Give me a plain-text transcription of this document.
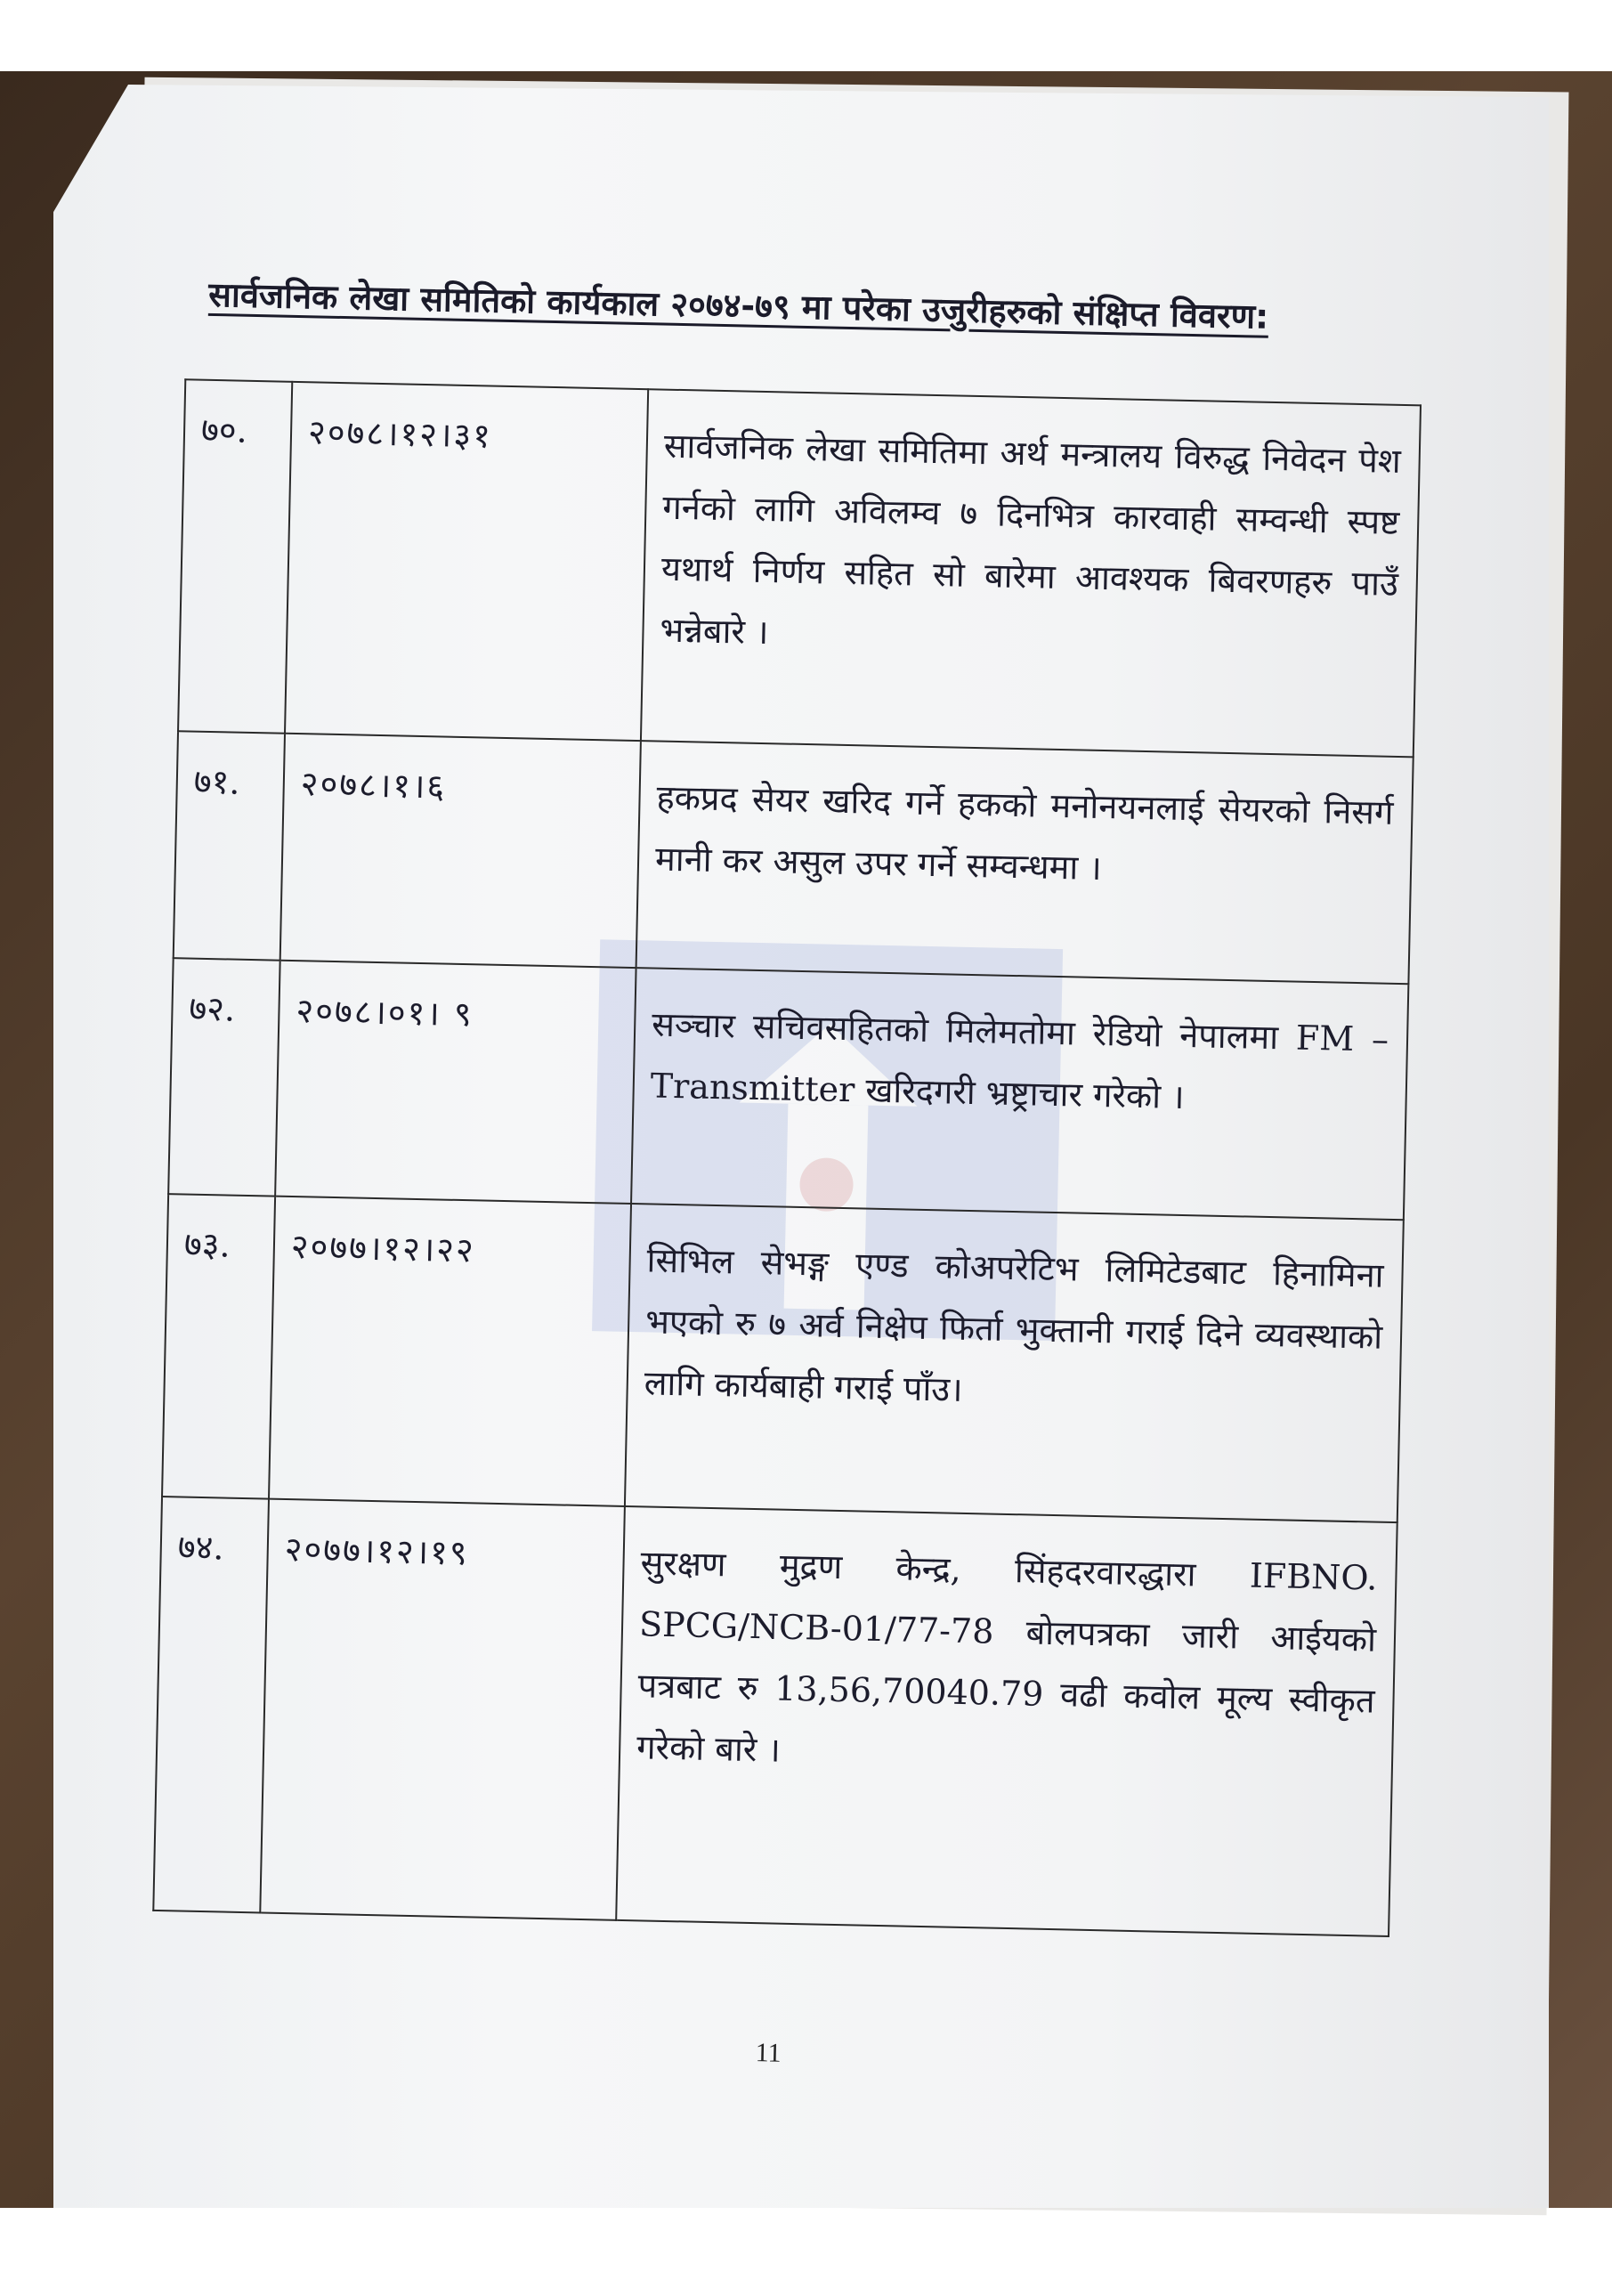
सार्वजनिक लेखा समितिको कार्यकाल २०७४-७९ मा परेका उजुरीहरुको संक्षिप्त विवरण:

७०.	२०७८।१२।३१	सार्वजनिक लेखा समितिमा अर्थ मन्त्रालय विरुद्ध निवेदन पेश गर्नको लागि अविलम्व ७ दिनभित्र कारवाही सम्वन्धी स्पष्ट यथार्थ निर्णय सहित सो बारेमा आवश्यक बिवरणहरु पाउँ भन्नेबारे ।
७१.	२०७८।१।६	हकप्रद सेयर खरिद गर्ने हकको मनोनयनलाई सेयरको निसर्ग मानी कर असुल उपर गर्ने सम्वन्धमा ।
७२.	२०७८।०१। ९	सञ्चार सचिवसहितको मिलेमतोमा रेडियो नेपालमा FM – Transmitter खरिदगरी भ्रष्ट्राचार गरेको ।
७३.	२०७७।१२।२२	सिभिल सेभङ्ग एण्ड कोअपरेटिभ लिमिटेडबाट हिनामिना भएको रु ७ अर्व निक्षेप फिर्ता भुक्तानी गराई दिने व्यवस्थाको लागि कार्यबाही गराई पाँउ।
७४.	२०७७।१२।१९	सुरक्षण मुद्रण केन्द्र, सिंहदरवारद्धारा IFBNO. SPCG/NCB-01/77-78 बोलपत्रका जारी आईयको पत्रबाट रु 13,56,70040.79 वढी कवोल मूल्य स्वीकृत गरेको बारे ।
11
